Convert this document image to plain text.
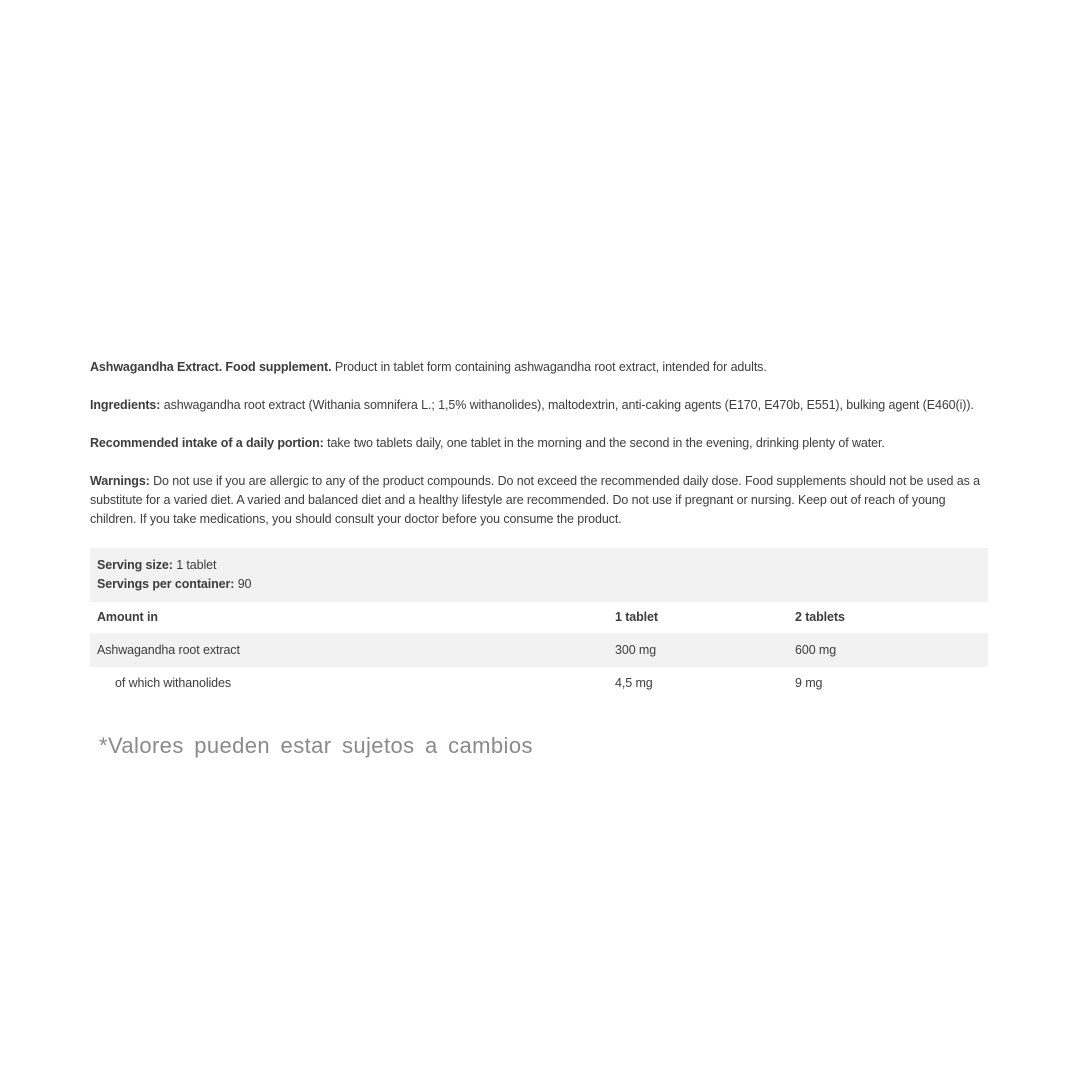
Ashwagandha Extract. Food supplement. Product in tablet form containing ashwagandha root extract, intended for adults.

Ingredients: ashwagandha root extract (Withania somnifera L.; 1,5% withanolides), maltodextrin, anti-caking agents (E170, E470b, E551), bulking agent (E460(i)).

Recommended intake of a daily portion: take two tablets daily, one tablet in the morning and the second in the evening, drinking plenty of water.

Warnings: Do not use if you are allergic to any of the product compounds. Do not exceed the recommended daily dose. Food supplements should not be used as a substitute for a varied diet. A varied and balanced diet and a healthy lifestyle are recommended. Do not use if pregnant or nursing. Keep out of reach of young children. If you take medications, you should consult your doctor before you consume the product.

Serving size: 1 tablet
Servings per container: 90
Amount in	1 tablet	2 tablets
Ashwagandha root extract	300 mg	600 mg
of which withanolides	4,5 mg	9 mg
*Valores pueden estar sujetos a cambios
